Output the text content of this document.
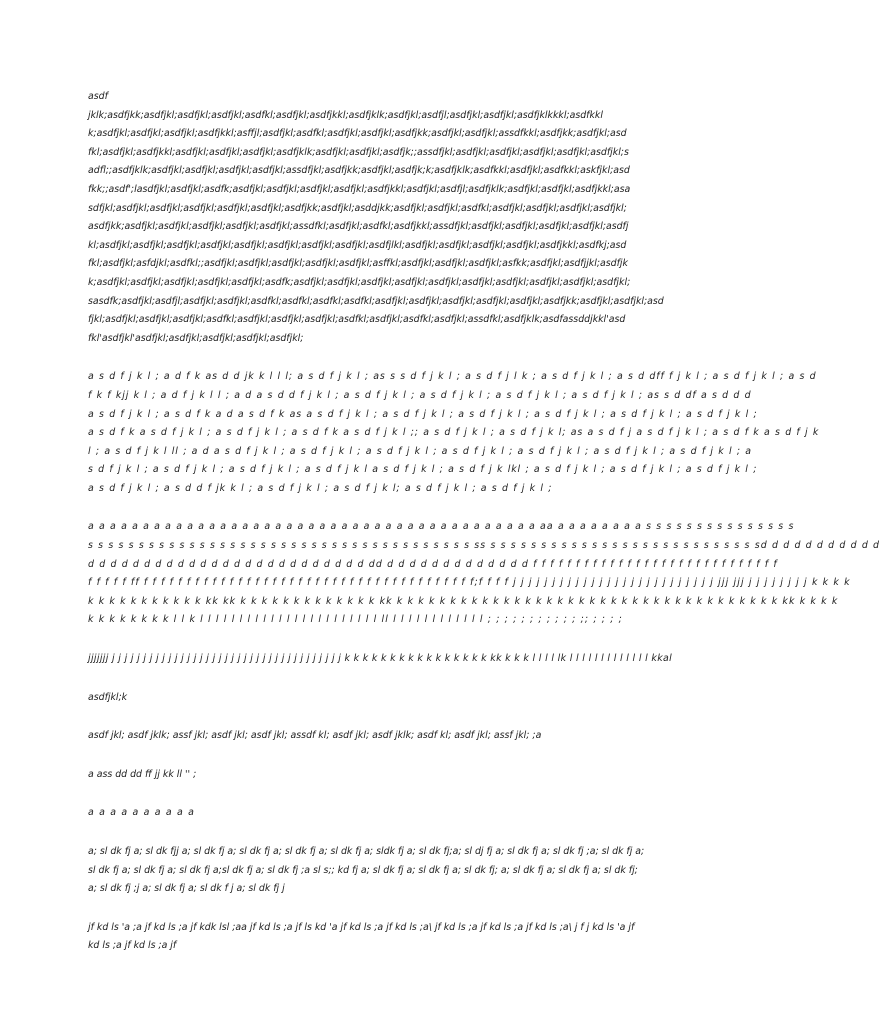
asdf
jklk;asdfjkk;asdfjkl;asdfjkl;asdfjkl;asdfkl;asdfjkl;asdfjkkl;asdfjklk;asdfjkl;asdfjl;asdfjkl;asdfjkl;asdfjklkkkl;asdfkkl
k;asdfjkl;asdfjkl;asdfjkl;asdfjkkl;asffjl;asdfjkl;asdfkl;asdfjkl;asdfjkl;asdfjkk;asdfjkl;asdfjkl;assdfkkl;asdfjkk;asdfjkl;asd
fkl;asdfjkl;asdfjkkl;asdfjkl;asdfjkl;asdfjkl;asdfjklk;asdfjkl;asdfjkl;asdfjk;;assdfjkl;asdfjkl;asdfjkl;asdfjkl;asdfjkl;asdfjkl;s
adfl;;asdfjklk;asdfjkl;asdfjkl;asdfjkl;asdfjkl;assdfjkl;asdfjkk;asdfjkl;asdfjk;k;asdfjklk;asdfkkl;asdfjkl;asdfkkl;askfjkl;asd
fkk;;asdf';lasdfjkl;asdfjkl;asdfk;asdfjkl;asdfjkl;asdfjkl;asdfjkl;asdfjkkl;asdfjkl;asdfjl;asdfjklk;asdfjkl;asdfjkl;asdfjkkl;asa
sdfjkl;asdfjkl;asdfjkl;asdfjkl;asdfjkl;asdfjkl;asdfjkk;asdfjkl;asddjkk;asdfjkl;asdfjkl;asdfkl;asdfjkl;asdfjkl;asdfjkl;asdfjkl;
asdfjkk;asdfjkl;asdfjkl;asdfjkl;asdfjkl;asdfjkl;assdfkl;asdfjkl;asdfkl;asdfjkkl;assdfjkl;asdfjkl;asdfjkl;asdfjkl;asdfjkl;asdfj
kl;asdfjkl;asdfjkl;asdfjkl;asdfjkl;asdfjkl;asdfjkl;asdfjkl;asdfjkl;asdfjlkl;asdfjkl;asdfjkl;asdfjkl;asdfjkl;asdfjkkl;asdfkj;asd
fkl;asdfjkl;asfdjkl;asdfkl;;asdfjkl;asdfjkl;asdfjkl;asdfjkl;asdfjkl;asffkl;asdfjkl;asdfjkl;asdfjkl;asfkk;asdfjkl;asdfjjkl;asdfjk
k;asdfjkl;asdfjkl;asdfjkl;asdfjkl;asdfjkl;asdfk;asdfjkl;asdfjkl;asdfjkl;asdfjkl;asdfjkl;asdfjkl;asdfjkl;asdfjkl;asdfjkl;asdfjkl;
sasdfk;asdfjkl;asdfjl;asdfjkl;asdfjkl;asdfkl;asdfkl;asdfkl;asdfkl;asdfjkl;asdfjkl;asdfjkl;asdfjkl;asdfjkl;asdfjkk;asdfjkl;asdfjkl;asd
fjkl;asdfjkl;asdfjkl;asdfjkl;asdfkl;asdfjkl;asdfjkl;asdfjkl;asdfkl;asdfjkl;asdfkl;asdfjkl;assdfkl;asdfjklk;asdfassddjkkl'asd
fkl'asdfjkl'asdfjkl;asdfjkl;asdfjkl;asdfjkl;asdfjkl;
a s d f j k l ; a d f k as d d jk k l l l; a s d f j k l ; as s s d f j k l ; a s d f j l k ; a s d f j k l ; a s d dff f j k l ; a s d f j k l ; a s d
f k f kjj k l ; a d f j k l l ; a d a s d d f j k l ; a s d f j k l ; a s d f j k l ; a s d f j k l ; a s d f j k l ; as s d df a s d d d
a s d f j k l ; a s d f k a d a s d f k as a s d f j k l ; a s d f j k l ; a s d f j k l ; a s d f j k l ; a s d f j k l ; a s d f j k l ;
a s d f k a s d f j k l ; a s d f j k l ; a s d f k a s d f j k l ;; a s d f j k l ; a s d f j k l; as a s d f j a s d f j k l ; a s d f k a s d f j k
l ; a s d f j k l ll ; a d a s d f j k l ; a s d f j k l ; a s d f j k l ; a s d f j k l ; a s d f j k l ; a s d f j k l ; a s d f j k l ; a
s d f j k l ; a s d f j k l ; a s d f j k l ; a s d f j k l a s d f j k l ; a s d f j k lkl ; a s d f j k l ; a s d f j k l ; a s d f j k l ;
a s d f j k l ; a s d d f jk k l ; a s d f j k l ; a s d f j k l; a s d f j k l ; a s d f j k l ;
a a a a a a a a a a a a a a a a a a a a a a a a a a a a a a a a a a a a a a a a a aa a a a a a a a a s s s s s s s s s s s s s s s
s s s s s s s s s s s s s s s s s s s s s s s s s s s s s s s s s s s s s s ss s s s s s s s s s s s s s s s s s s s s s s s s s s sd d d d d d d d d d d
d d d d d d d d d d d d d d d d d d d d d d d d d dd d d d d d d d d d d d d d f f f f f f f f f f f f f f f f f f f f f f f f f f f f f
f f f f f ff f f f f f f f f f f f f f f f f f f f f f f f f f f f f f f f f f f f f f f f;f f f f j j j j j j j j j j j j j j j j j j j j j j j j j j jjj jjj j j j j j j j j k k k k
k k k k k k k k k k k kk kk k k k k k k k k k k k k k kk k k k k k k k k k k k k k k k k k k k k k k k k k k k k k k k k k k k k kk k k k k
k k k k k k k k l l k l l l l l l l l l l l l l l l l l l l l l l l ll l l l l l l l l l l l l ; ; ; ; ; ; ; ; ; ; ; ;; ; ; ; ;
jjjjjjj j j j j j j j j j j j j j j j j j j j j j j j j j j j j j j j j j j j j j k k k k k k k k k k k k k k k k kk k k k l l l l lk l l l l l l l l l l l l l kkal
asdfjkl;k
asdf jkl; asdf jklk; assf jkl; asdf jkl; asdf jkl; assdf kl; asdf jkl; asdf jklk; asdf kl; asdf jkl; assf jkl; ;a
a ass dd dd ff jj kk ll '' ;
a a a a a a a a a a
a; sl dk fj a; sl dk fjj a; sl dk fj a; sl dk fj a; sl dk fj a; sl dk fj a; sldk fj a; sl dk fj;a; sl dj fj a; sl dk fj a; sl dk fj ;a; sl dk fj a;
sl dk fj a; sl dk fj a; sl dk fj a;sl dk fj a; sl dk fj ;a sl s;; kd fj a; sl dk fj a; sl dk fj a; sl dk fj; a; sl dk fj a; sl dk fj a; sl dk fj;
a; sl dk fj ;j a; sl dk fj a; sl dk f j a; sl dk fj j
jf kd ls 'a ;a jf kd ls ;a jf kdk lsl ;aa jf kd ls ;a jf ls kd 'a jf kd ls ;a jf kd ls ;a\ jf kd ls ;a jf kd ls ;a jf kd ls ;a\ j f j kd ls 'a jf
kd ls ;a jf kd ls ;a jf
